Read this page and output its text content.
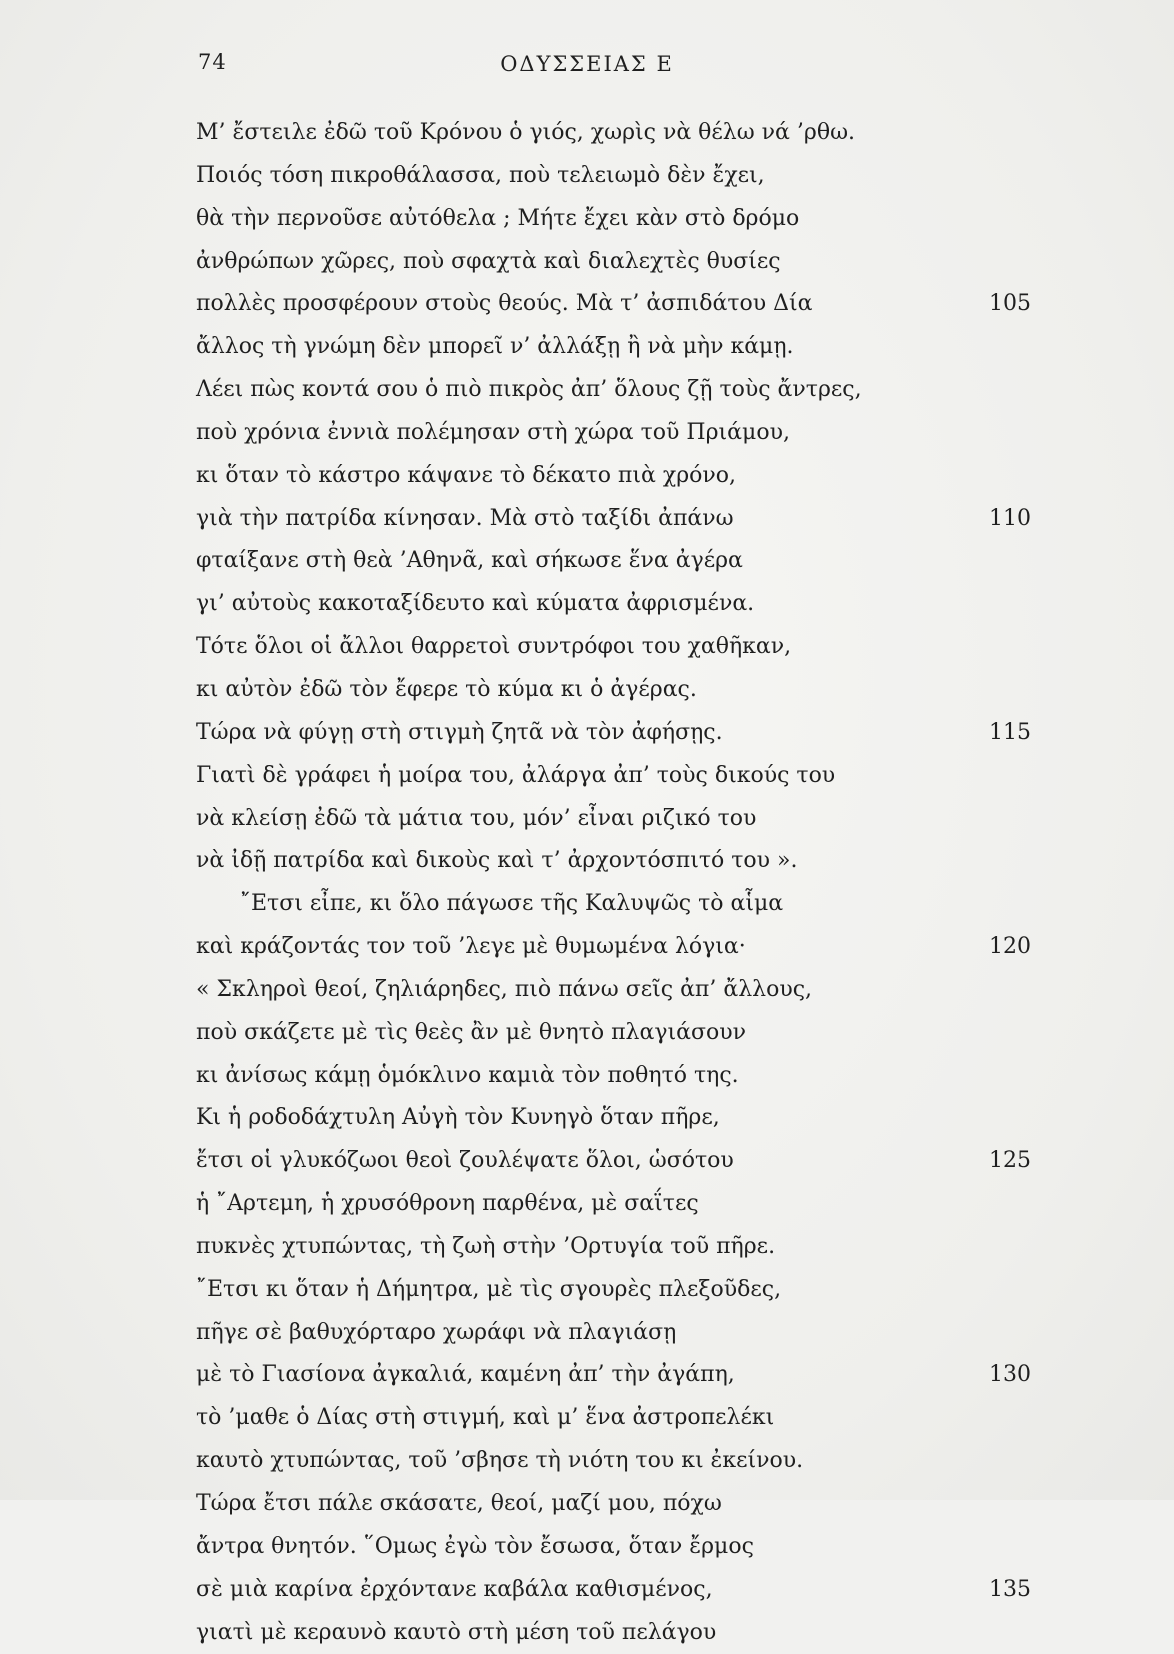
74	ΟΔΥΣΣΕΙΑΣ Ε
Μ’ ἔστειλε ἐδῶ τοῦ Κρόνου ὁ γιός, χωρὶς νὰ θέλω νά ’ρθω.
Ποιός τόση πικροθάλασσα, ποὺ τελειωμὸ δὲν ἔχει,
θὰ τὴν περνοῦσε αὐτόθελα ; Μήτε ἔχει κὰν στὸ δρόμο
ἀνθρώπων χῶρες, ποὺ σφαχτὰ καὶ διαλεχτὲς θυσίες
πολλὲς προσφέρουν στοὺς θεούς. Μὰ τ’ ἀσπιδάτου Δία	105
ἄλλος τὴ γνώμη δὲν μπορεῖ ν’ ἀλλάξῃ ἢ νὰ μὴν κάμῃ.
Λέει πὼς κοντά σου ὁ πιὸ πικρὸς ἀπ’ ὅλους ζῇ τοὺς ἄντρες,
ποὺ χρόνια ἐννιὰ πολέμησαν στὴ χώρα τοῦ Πριάμου,
κι ὅταν τὸ κάστρο κάψανε τὸ δέκατο πιὰ χρόνο,
γιὰ τὴν πατρίδα κίνησαν. Μὰ στὸ ταξίδι ἀπάνω	110
φταίξανε στὴ θεὰ ’Αθηνᾶ, καὶ σήκωσε ἕνα ἀγέρα
γι’ αὐτοὺς κακοταξίδευτο καὶ κύματα ἀφρισμένα.
Τότε ὅλοι οἱ ἄλλοι θαρρετοὶ συντρόφοι του χαθῆκαν,
κι αὐτὸν ἐδῶ τὸν ἔφερε τὸ κύμα κι ὁ ἀγέρας.
Τώρα νὰ φύγῃ στὴ στιγμὴ ζητᾶ νὰ τὸν ἀφήσῃς.	115
Γιατὶ δὲ γράφει ἡ μοίρα του, ἀλάργα ἀπ’ τοὺς δικούς του
νὰ κλείσῃ ἐδῶ τὰ μάτια του, μόν’ εἶναι ριζικό του
νὰ ἰδῇ πατρίδα καὶ δικοὺς καὶ τ’ ἀρχοντόσπιτό του ».
῎Ετσι εἶπε, κι ὅλο πάγωσε τῆς Καλυψῶς τὸ αἷμα
καὶ κράζοντάς τον τοῦ ’λεγε μὲ θυμωμένα λόγια·	120
« Σκληροὶ θεοί, ζηλιάρηδες, πιὸ πάνω σεῖς ἀπ’ ἄλλους,
ποὺ σκάζετε μὲ τὶς θεὲς ἂν μὲ θνητὸ πλαγιάσουν
κι ἀνίσως κάμῃ ὁμόκλινο καμιὰ τὸν ποθητό της.
Κι ἡ ροδοδάχτυλη Αὐγὴ τὸν Κυνηγὸ ὅταν πῆρε,
ἔτσι οἱ γλυκόζωοι θεοὶ ζουλέψατε ὅλοι, ὡσότου	125
ἡ ῎Αρτεμη, ἡ χρυσόθρονη παρθένα, μὲ σαΐτες
πυκνὲς χτυπώντας, τὴ ζωὴ στὴν ’Ορτυγία τοῦ πῆρε.
῎Ετσι κι ὅταν ἡ Δήμητρα, μὲ τὶς σγουρὲς πλεξοῦδες,
πῆγε σὲ βαθυχόρταρο χωράφι νὰ πλαγιάσῃ
μὲ τὸ Γιασίονα ἀγκαλιά, καμένη ἀπ’ τὴν ἀγάπη,	130
τὸ ’μαθε ὁ Δίας στὴ στιγμή, καὶ μ’ ἕνα ἀστροπελέκι
καυτὸ χτυπώντας, τοῦ ’σβησε τὴ νιότη του κι ἐκείνου.
Τώρα ἔτσι πάλε σκάσατε, θεοί, μαζί μου, πόχω
ἄντρα θνητόν. ῞Ομως ἐγὼ τὸν ἔσωσα, ὅταν ἔρμος
σὲ μιὰ καρίνα ἐρχόντανε καβάλα καθισμένος,	135
γιατὶ μὲ κεραυνὸ καυτὸ στὴ μέση τοῦ πελάγου
